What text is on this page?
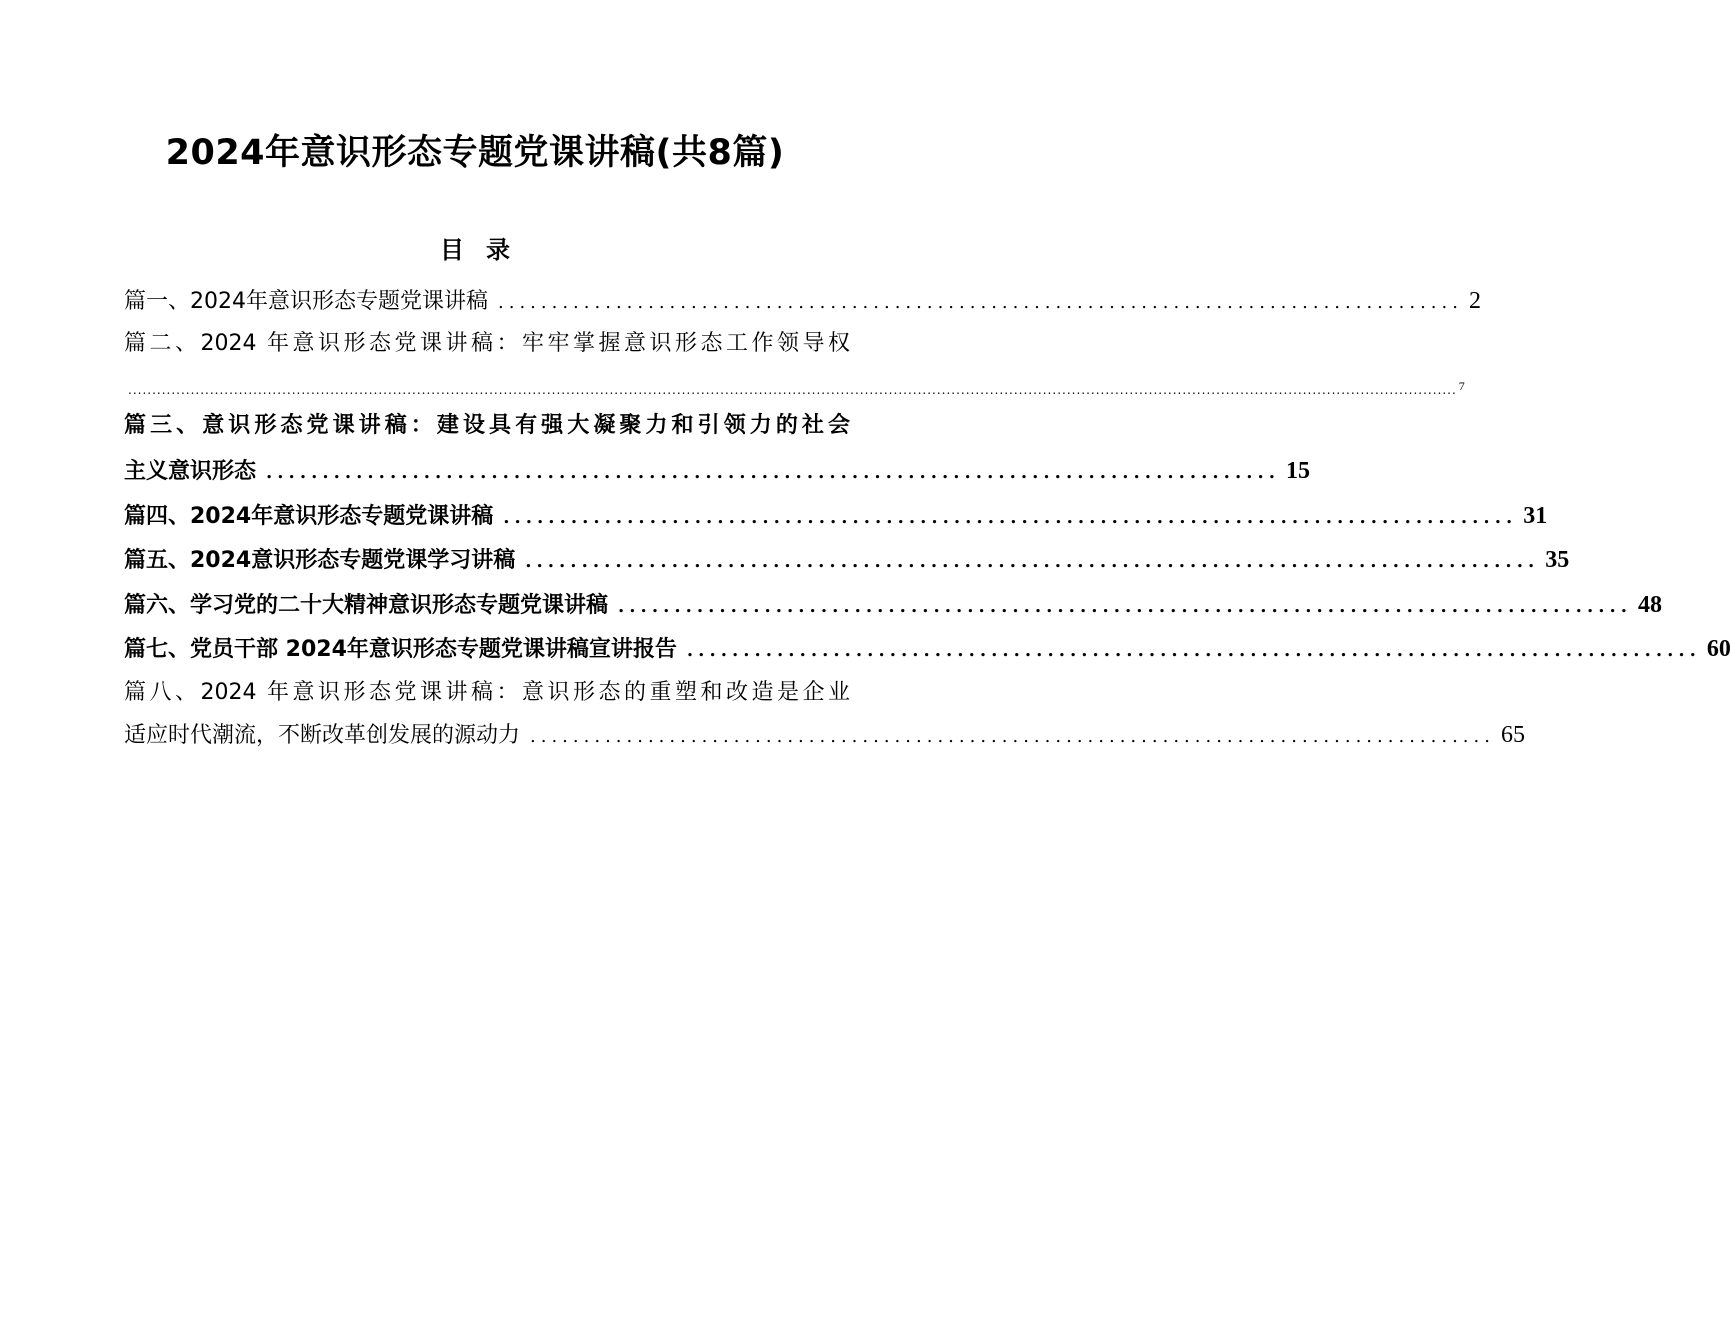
2024年意识形态专题党课讲稿(共8篇)
目录
篇一、2024年意识形态专题党课讲稿 .......................................................................................... 2
篇二、2024 年意识形态党课讲稿：牢牢掌握意识形态工作领导权
.................................................................................................................................................................................................................................................................................... 7
篇三、意识形态党课讲稿：建设具有强大凝聚力和引领力的社会
主义意识形态 .......................................................................................... 15
篇四、2024年意识形态专题党课讲稿 .......................................................................................... 31
篇五、2024意识形态专题党课学习讲稿 .......................................................................................... 35
篇六、学习党的二十大精神意识形态专题党课讲稿 .......................................................................................... 48
篇七、党员干部 2024年意识形态专题党课讲稿宣讲报告 .......................................................................................... 60
篇八、2024 年意识形态党课讲稿：意识形态的重塑和改造是企业
适应时代潮流，不断改革创发展的源动力 .......................................................................................... 65
